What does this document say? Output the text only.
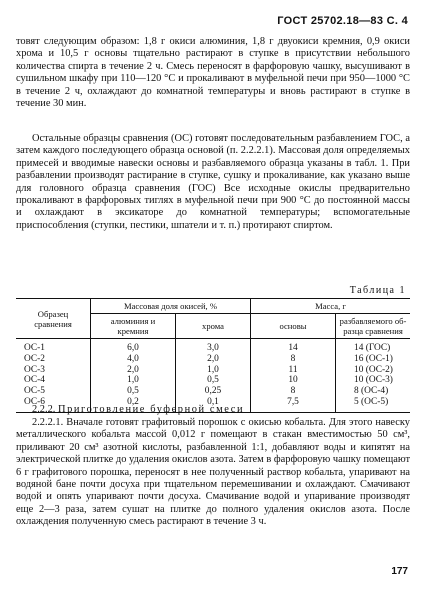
ГОСТ 25702.18—83 С. 4
товят следующим образом: 1,8 г окиси алюминия, 1,8 г двуокиси кремния, 0,9 окиси хрома и 10,5 г основы тщательно растирают в ступке в присутствии небольшого количества спирта в течение 2 ч. Смесь переносят в фарфоровую чашку, высушивают в сушильном шкафу при 110—120 °С и прокаливают в муфельной печи при 950—1000 °С в течение 2 ч, охлаждают до комнатной температуры и вновь растирают в ступке в течение 30 мин.
Остальные образцы сравнения (ОС) готовят последовательным разбавлением ГОС, а затем каждого последующего образца основой (п. 2.2.2.1). Массовая доля определяемых примесей и вводимые навески основы и разбавляемого образца указаны в табл. 1. При разбавлении производят растирание в ступке, сушку и прокаливание, как указано выше для головного образца сравнения (ГОС) Все исходные окислы предварительно прокаливают в фарфоровых тиглях в муфельной печи при 900 °С до постоянной массы и охлаждают в эксикаторе до комнатной температуры; вспомогательные приспособления (ступки, пестики, шпатели и т. п.) протирают спиртом.
Таблица 1
Образец
сравнения	Массовая доля окисей, %		Масса, г	

	алюминия и
кремния	хрома	основы	разбавляемого об-
разца сравнения

ОС-1	6,0	3,0	14	14 (ГОС)
ОС-2	4,0	2,0	8	16 (ОС-1)
ОС-3	2,0	1,0	11	10 (ОС-2)
ОС-4	1,0	0,5	10	10 (ОС-3)
ОС-5	0,5	0,25	8	8 (ОС-4)
ОС-6	0,2	0,1	7,5	5 (ОС-5)
2.2.2. Приготовление буферной смеси
2.2.2.1. Вначале готовят графитовый порошок с окисью кобальта. Для этого навеску металлического кобальта массой 0,012 г помещают в стакан вместимостью 50 см³, приливают 20 см³ азотной кислоты, разбавленной 1:1, добавляют воды и кипятят на электрической плитке до удаления окислов азота. Затем в фарфоровую чашку помещают 6 г графитового порошка, переносят в нее полученный раствор кобальта, упаривают на водяной бане почти досуха при тщательном перемешивании и охлаждают. Смачивают водой и опять упаривают почти досуха. Смачивание водой и упаривание производят еще 2—3 раза, затем сушат на плитке до полного удаления окислов азота. После охлаждения полученную смесь растирают в течение 3 ч.
177
